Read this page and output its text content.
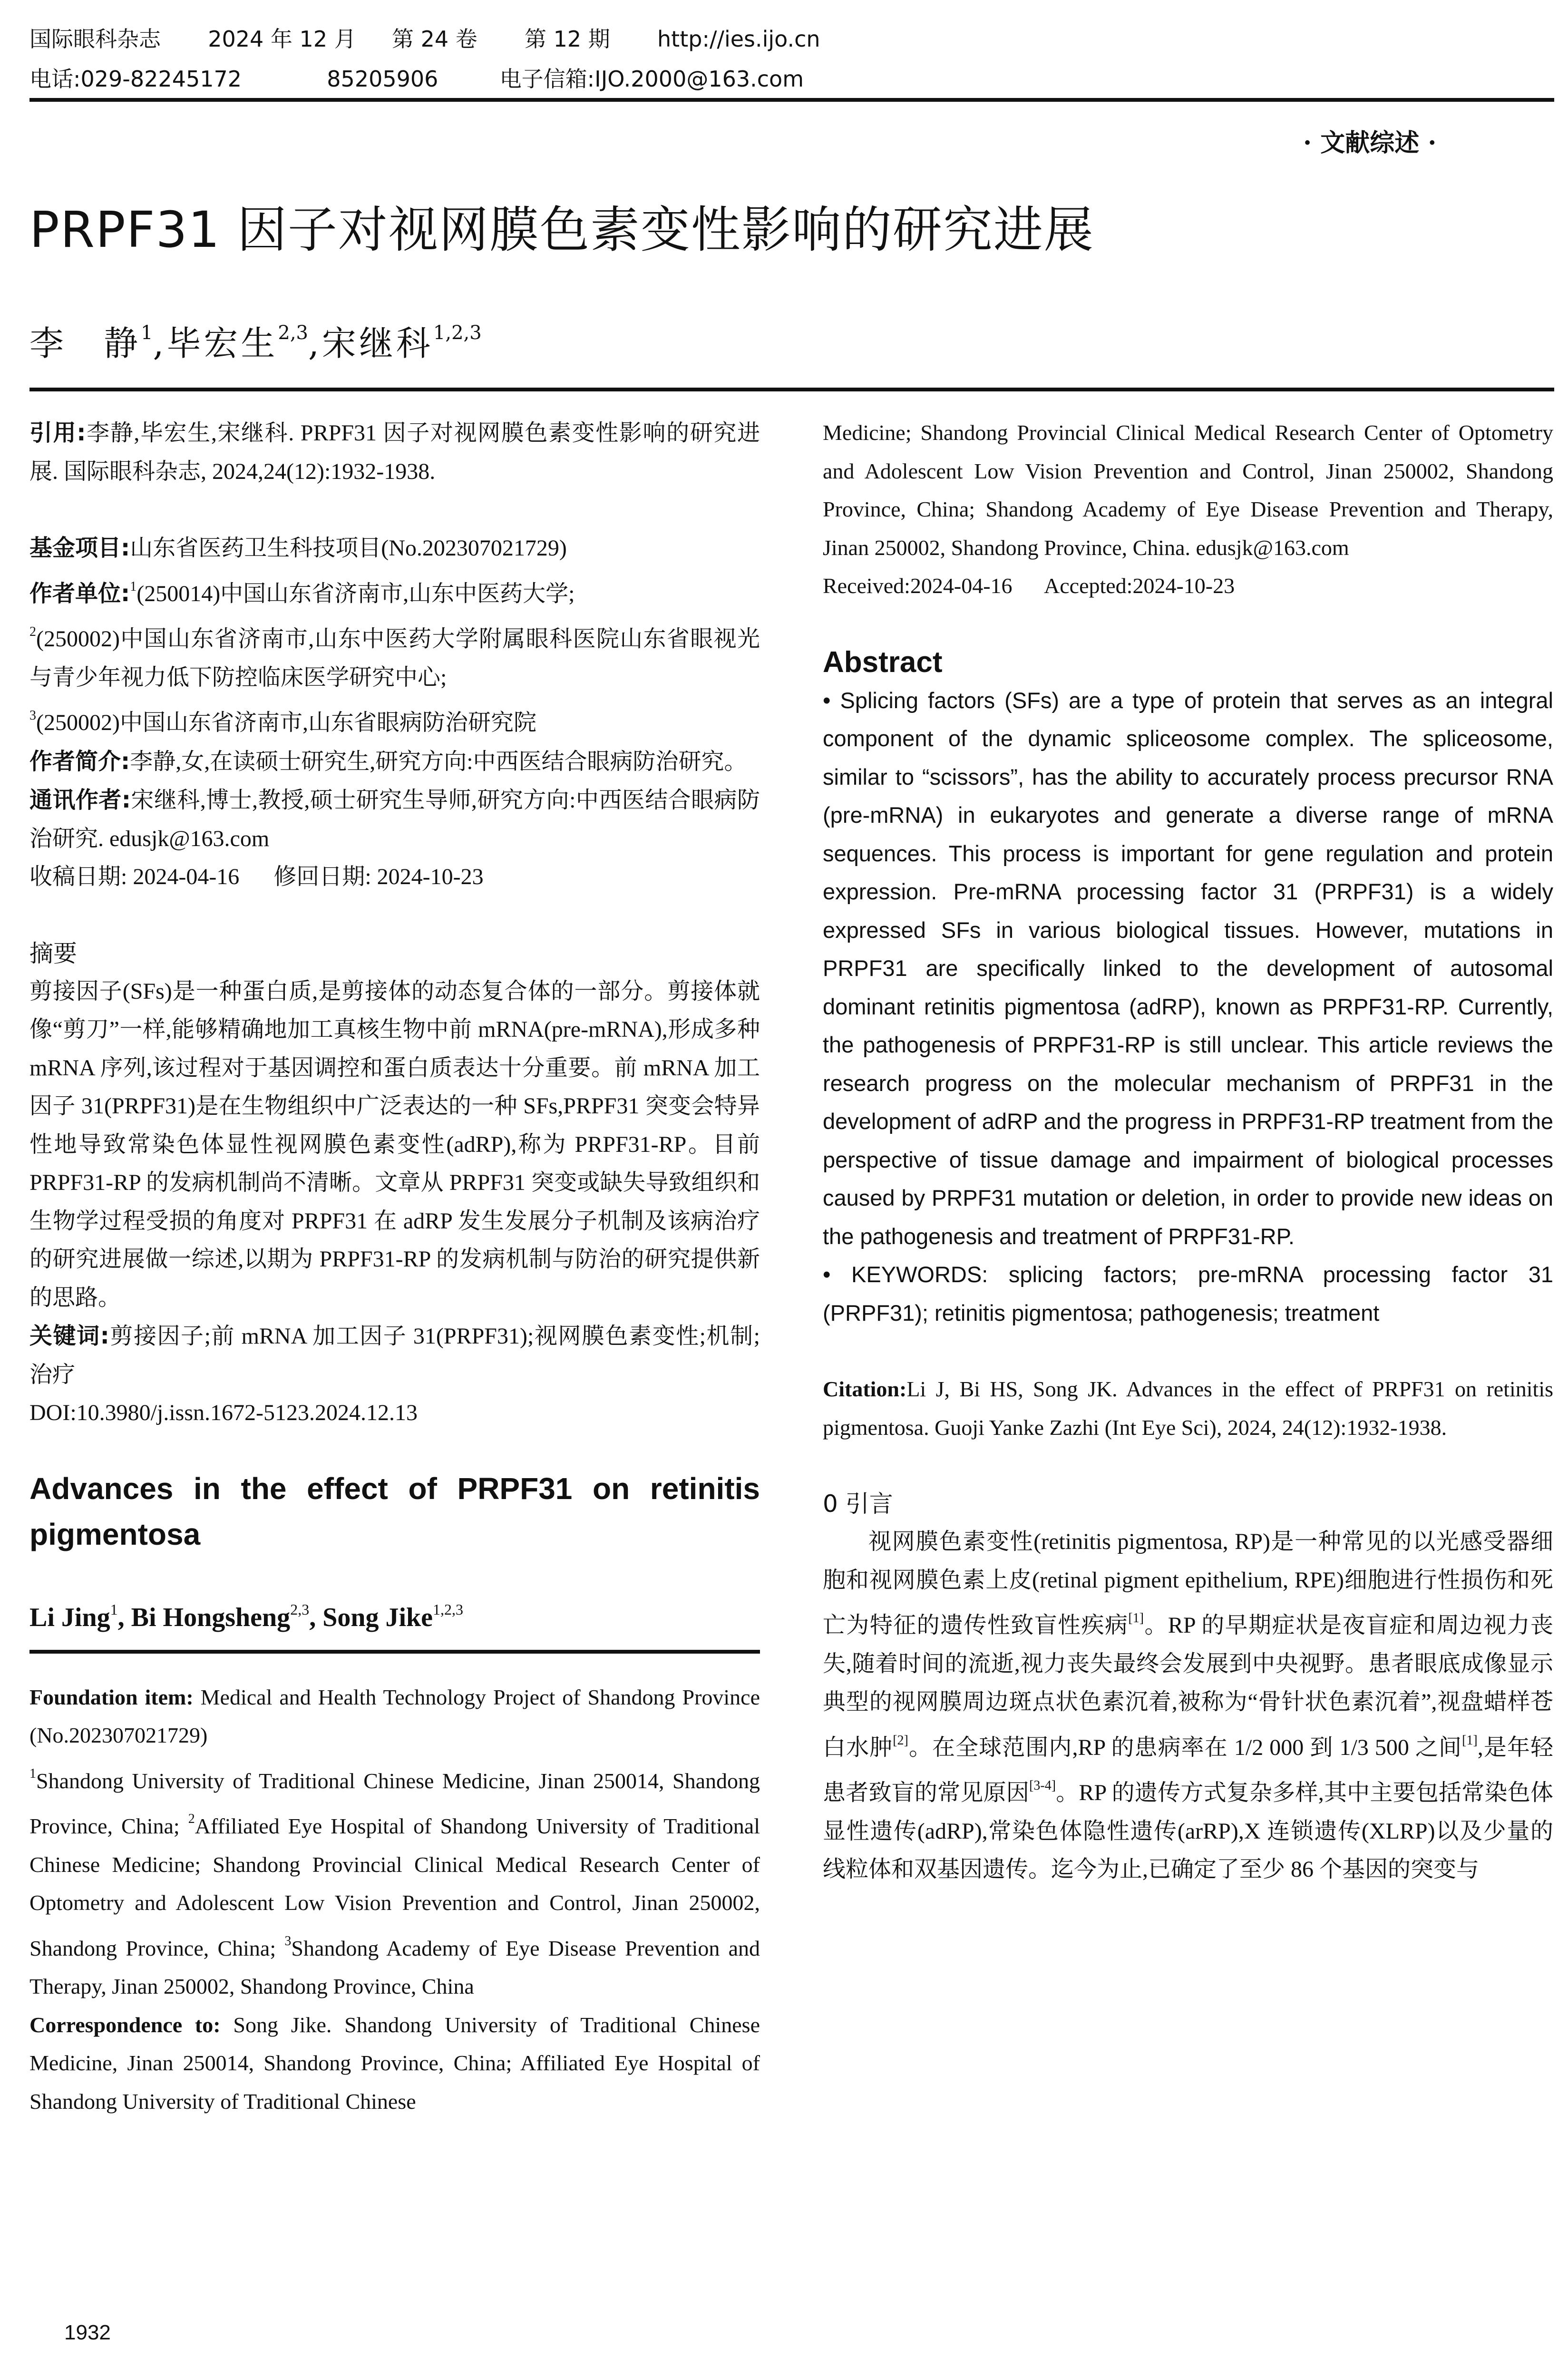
国际眼科杂志 2024 年 12 月 第 24 卷 第 12 期 http://ies.ijo.cn
电话:029-82245172	85205906	电子信箱:IJO.2000@163.com
· 文献综述 ·
PRPF31 因子对视网膜色素变性影响的研究进展
李　静$^1$,毕宏生$^{2,3}$,宋继科$^{1,2,3}$

引用:李静,毕宏生,宋继科. PRPF31 因子对视网膜色素变性影响的研究进展. 国际眼科杂志, 2024,24(12):1932-1938.

基金项目:山东省医药卫生科技项目(No.202307021729)

作者单位:$^1$(250014)中国山东省济南市,山东中医药大学;
$^2$(250002)中国山东省济南市,山东中医药大学附属眼科医院山东省眼视光与青少年视力低下防控临床医学研究中心;
$^3$(250002)中国山东省济南市,山东省眼病防治研究院

作者简介:李静,女,在读硕士研究生,研究方向:中西医结合眼病防治研究。

通讯作者:宋继科,博士,教授,硕士研究生导师,研究方向:中西医结合眼病防治研究. edusjk@163.com

收稿日期: 2024-04-16 修回日期: 2024-10-23

摘要

剪接因子(SFs)是一种蛋白质,是剪接体的动态复合体的一部分。剪接体就像“剪刀”一样,能够精确地加工真核生物中前 mRNA(pre-mRNA),形成多种 mRNA 序列,该过程对于基因调控和蛋白质表达十分重要。前 mRNA 加工因子 31(PRPF31)是在生物组织中广泛表达的一种 SFs,PRPF31 突变会特异性地导致常染色体显性视网膜色素变性(adRP),称为 PRPF31-RP。目前 PRPF31-RP 的发病机制尚不清晰。文章从 PRPF31 突变或缺失导致组织和生物学过程受损的角度对 PRPF31 在 adRP 发生发展分子机制及该病治疗的研究进展做一综述,以期为 PRPF31-RP 的发病机制与防治的研究提供新的思路。

关键词:剪接因子;前 mRNA 加工因子 31(PRPF31);视网膜色素变性;机制;治疗

DOI:10.3980/j.issn.1672-5123.2024.12.13

Advances in the effect of PRPF31 on retinitis pigmentosa

Li Jing$^1$, Bi Hongsheng$^{2,3}$, Song Jike$^{1,2,3}$

Foundation item: Medical and Health Technology Project of Shandong Province (No.202307021729)

$^1$Shandong University of Traditional Chinese Medicine, Jinan 250014, Shandong Province, China; $^2$Affiliated Eye Hospital of Shandong University of Traditional Chinese Medicine; Shandong Provincial Clinical Medical Research Center of Optometry and Adolescent Low Vision Prevention and Control, Jinan 250002, Shandong Province, China; $^3$Shandong Academy of Eye Disease Prevention and Therapy, Jinan 250002, Shandong Province, China

Correspondence to: Song Jike. Shandong University of Traditional Chinese Medicine, Jinan 250014, Shandong Province, China; Affiliated Eye Hospital of Shandong University of Traditional Chinese

Medicine; Shandong Provincial Clinical Medical Research Center of Optometry and Adolescent Low Vision Prevention and Control, Jinan 250002, Shandong Province, China; Shandong Academy of Eye Disease Prevention and Therapy, Jinan 250002, Shandong Province, China. edusjk@163.com

Received:2024-04-16 Accepted:2024-10-23

Abstract

• Splicing factors (SFs) are a type of protein that serves as an integral component of the dynamic spliceosome complex. The spliceosome, similar to “scissors”, has the ability to accurately process precursor RNA (pre-mRNA) in eukaryotes and generate a diverse range of mRNA sequences. This process is important for gene regulation and protein expression. Pre-mRNA processing factor 31 (PRPF31) is a widely expressed SFs in various biological tissues. However, mutations in PRPF31 are specifically linked to the development of autosomal dominant retinitis pigmentosa (adRP), known as PRPF31-RP. Currently, the pathogenesis of PRPF31-RP is still unclear. This article reviews the research progress on the molecular mechanism of PRPF31 in the development of adRP and the progress in PRPF31-RP treatment from the perspective of tissue damage and impairment of biological processes caused by PRPF31 mutation or deletion, in order to provide new ideas on the pathogenesis and treatment of PRPF31-RP.

• KEYWORDS: splicing factors; pre-mRNA processing factor 31 (PRPF31); retinitis pigmentosa; pathogenesis; treatment

Citation:Li J, Bi HS, Song JK. Advances in the effect of PRPF31 on retinitis pigmentosa. Guoji Yanke Zazhi (Int Eye Sci), 2024, 24(12):1932-1938.

0 引言

视网膜色素变性(retinitis pigmentosa, RP)是一种常见的以光感受器细胞和视网膜色素上皮(retinal pigment epithelium, RPE)细胞进行性损伤和死亡为特征的遗传性致盲性疾病[1]。RP 的早期症状是夜盲症和周边视力丧失,随着时间的流逝,视力丧失最终会发展到中央视野。患者眼底成像显示典型的视网膜周边斑点状色素沉着,被称为“骨针状色素沉着”,视盘蜡样苍白水肿[2]。在全球范围内,RP 的患病率在 1/2 000 到 1/3 500 之间[1],是年轻患者致盲的常见原因[3-4]。RP 的遗传方式复杂多样,其中主要包括常染色体显性遗传(adRP),常染色体隐性遗传(arRP),X 连锁遗传(XLRP)以及少量的线粒体和双基因遗传。迄今为止,已确定了至少 86 个基因的突变与

1932
